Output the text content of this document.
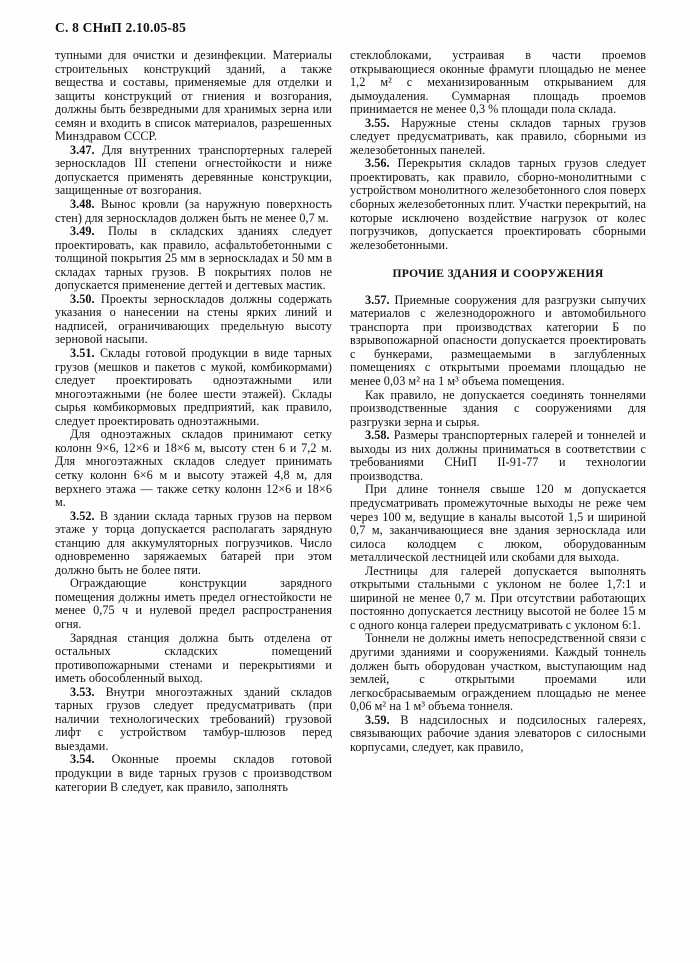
С. 8 СНиП 2.10.05-85

тупными для очистки и дезинфекции. Материалы строительных конструкций зданий, а также вещества и составы, применяемые для отделки и защиты конструкций от гниения и возгорания, должны быть безвредными для хранимых зерна или семян и входить в список материалов, разрешенных Минздравом СССР.

3.47. Для внутренних транспортерных галерей зерноскладов III степени огнестойкости и ниже допускается применять деревянные конструкции, защищенные от возгорания.

3.48. Вынос кровли (за наружную поверхность стен) для зерноскладов должен быть не менее 0,7 м.

3.49. Полы в складских зданиях следует проектировать, как правило, асфальтобетонными с толщиной покрытия 25 мм в зерноскладах и 50 мм в складах тарных грузов. В покрытиях полов не допускается применение дегтей и дегтевых мастик.

3.50. Проекты зерноскладов должны содержать указания о нанесении на стены ярких линий и надписей, ограничивающих предельную высоту зерновой насыпи.

3.51. Склады готовой продукции в виде тарных грузов (мешков и пакетов с мукой, комбикормами) следует проектировать одноэтажными или многоэтажными (не более шести этажей). Склады сырья комбикормовых предприятий, как правило, следует проектировать одноэтажными.

Для одноэтажных складов принимают сетку колонн 9×6, 12×6 и 18×6 м, высоту стен 6 и 7,2 м. Для многоэтажных складов следует принимать сетку колонн 6×6 м и высоту этажей 4,8 м, для верхнего этажа — также сетку колонн 12×6 и 18×6 м.

3.52. В здании склада тарных грузов на первом этаже у торца допускается располагать зарядную станцию для аккумуляторных погрузчиков. Число одновременно заряжаемых батарей при этом должно быть не более пяти.

Ограждающие конструкции зарядного помещения должны иметь предел огнестойкости не менее 0,75 ч и нулевой предел распространения огня.

Зарядная станция должна быть отделена от остальных складских помещений противопожарными стенами и перекрытиями и иметь обособленный выход.

3.53. Внутри многоэтажных зданий складов тарных грузов следует предусматривать (при наличии технологических требований) грузовой лифт с устройством тамбур-шлюзов перед выездами.

3.54. Оконные проемы складов готовой продукции в виде тарных грузов с производством категории В следует, как правило, заполнять

стеклоблоками, устраивая в части проемов открывающиеся оконные фрамуги площадью не менее 1,2 м² с механизированным открыванием для дымоудаления. Суммарная площадь проемов принимается не менее 0,3 % площади пола склада.

3.55. Наружные стены складов тарных грузов следует предусматривать, как правило, сборными из железобетонных панелей.

3.56. Перекрытия складов тарных грузов следует проектировать, как правило, сборно-монолитными с устройством монолитного железобетонного слоя поверх сборных железобетонных плит. Участки перекрытий, на которые исключено воздействие нагрузок от колес погрузчиков, допускается проектировать сборными железобетонными.

ПРОЧИЕ ЗДАНИЯ И СООРУЖЕНИЯ

3.57. Приемные сооружения для разгрузки сыпучих материалов с железнодорожного и автомобильного транспорта при производствах категории Б по взрывопожарной опасности допускается проектировать с бункерами, размещаемыми в заглубленных помещениях с открытыми проемами площадью не менее 0,03 м² на 1 м³ объема помещения.

Как правило, не допускается соединять тоннелями производственные здания с сооружениями для разгрузки зерна и сырья.

3.58. Размеры транспортерных галерей и тоннелей и выходы из них должны приниматься в соответствии с требованиями СНиП II-91-77 и технологии производства.

При длине тоннеля свыше 120 м допускается предусматривать промежуточные выходы не реже чем через 100 м, ведущие в каналы высотой 1,5 и шириной 0,7 м, заканчивающиеся вне здания зерносклада или силоса колодцем с люком, оборудованным металлической лестницей или скобами для выхода.

Лестницы для галерей допускается выполнять открытыми стальными с уклоном не более 1,7:1 и шириной не менее 0,7 м. При отсутствии работающих постоянно допускается лестницу высотой не более 15 м с одного конца галереи предусматривать с уклоном 6:1.

Тоннели не должны иметь непосредственной связи с другими зданиями и сооружениями. Каждый тоннель должен быть оборудован участком, выступающим над землей, с открытыми проемами или легкосбрасываемым ограждением площадью не менее 0,06 м² на 1 м³ объема тоннеля.

3.59. В надсилосных и подсилосных галереях, связывающих рабочие здания элеваторов с силосными корпусами, следует, как правило,
